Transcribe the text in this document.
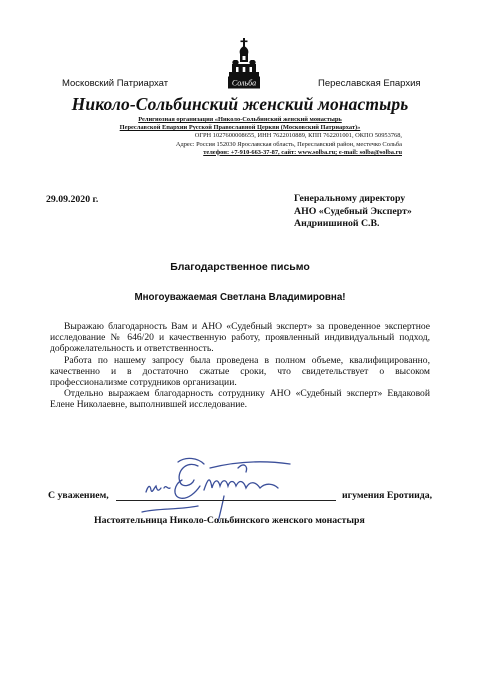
Сольба
Московский Патриархат	Переславская Епархия
Николо-Сольбинский женский монастырь
Религиозная организация «Николо-Сольбинский женский монастырь
Переславской Епархии Русской Православной Церкви (Московский Патриархат)»
ОГРН 1027600008655, ИНН 7622010889, КПП 762201001, ОКПО 50953768,
Адрес: Россия 152030 Ярославская область, Переславский район, местечко Сольба
телефон: +7-910-663-37-87, сайт: www.solba.ru; e-mail: solba@solba.ru
29.09.2020 г.	Генеральному директору
АНО «Судебный Эксперт»
Андриишиной С.В.
Благодарственное письмо
Многоуважаемая Светлана Владимировна!

Выражаю благодарность Вам и АНО «Судебный эксперт» за проведенное экспертное исследование № 646/20 и качественную работу, проявленный индивидуальный подход, доброжелательность и ответственность.

Работа по нашему запросу была проведена в полном объеме, квалифицированно, качественно и в достаточно сжатые сроки, что свидетельствует о высоком профессионализме сотрудников организации.

Отдельно выражаем благодарность сотруднику АНО «Судебный эксперт» Евдаковой Елене Николаевне, выполнившей исследование.

С уважением,	игумения Еротиида,
Настоятельница Николо-Сольбинского женского монастыря
